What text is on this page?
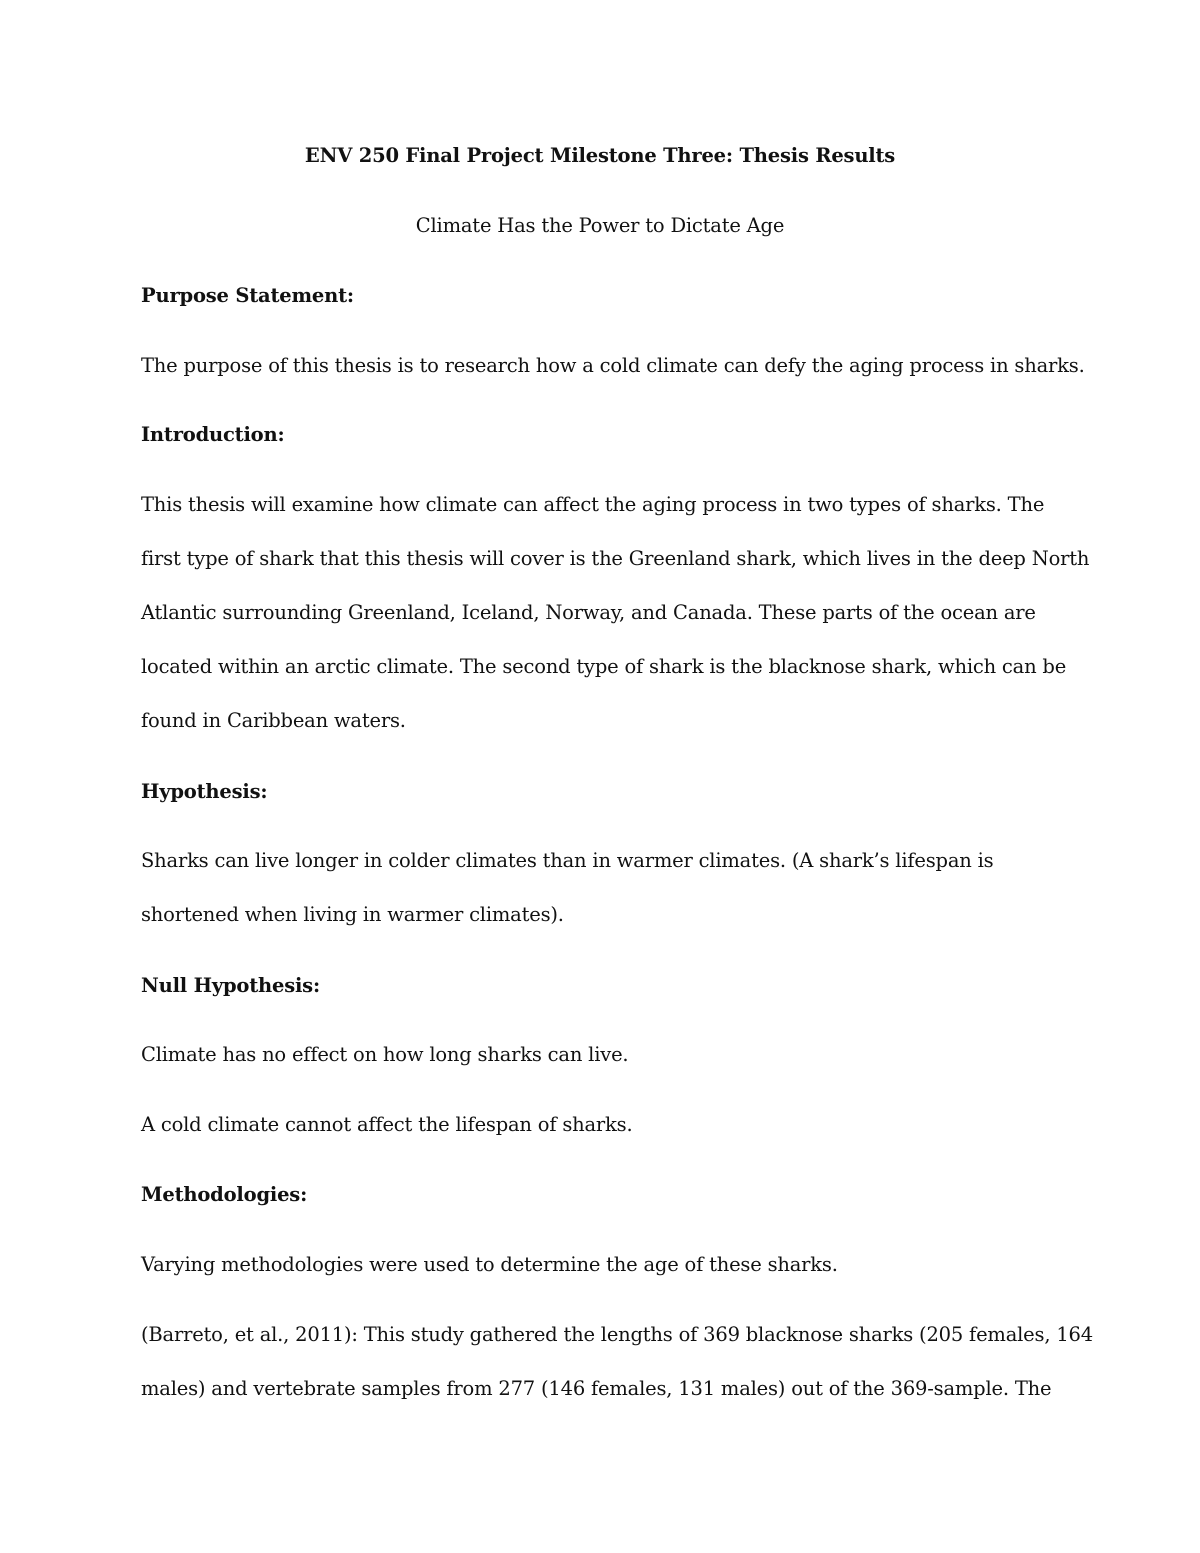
ENV 250 Final Project Milestone Three: Thesis Results
Climate Has the Power to Dictate Age
Purpose Statement:
The purpose of this thesis is to research how a cold climate can defy the aging process in sharks.
Introduction:
This thesis will examine how climate can affect the aging process in two types of sharks. The
first type of shark that this thesis will cover is the Greenland shark, which lives in the deep North
Atlantic surrounding Greenland, Iceland, Norway, and Canada. These parts of the ocean are
located within an arctic climate. The second type of shark is the blacknose shark, which can be
found in Caribbean waters.
Hypothesis:
Sharks can live longer in colder climates than in warmer climates. (A shark’s lifespan is
shortened when living in warmer climates).
Null Hypothesis:
Climate has no effect on how long sharks can live.
A cold climate cannot affect the lifespan of sharks.
Methodologies:
Varying methodologies were used to determine the age of these sharks.
(Barreto, et al., 2011): This study gathered the lengths of 369 blacknose sharks (205 females, 164
males) and vertebrate samples from 277 (146 females, 131 males) out of the 369-sample. The
